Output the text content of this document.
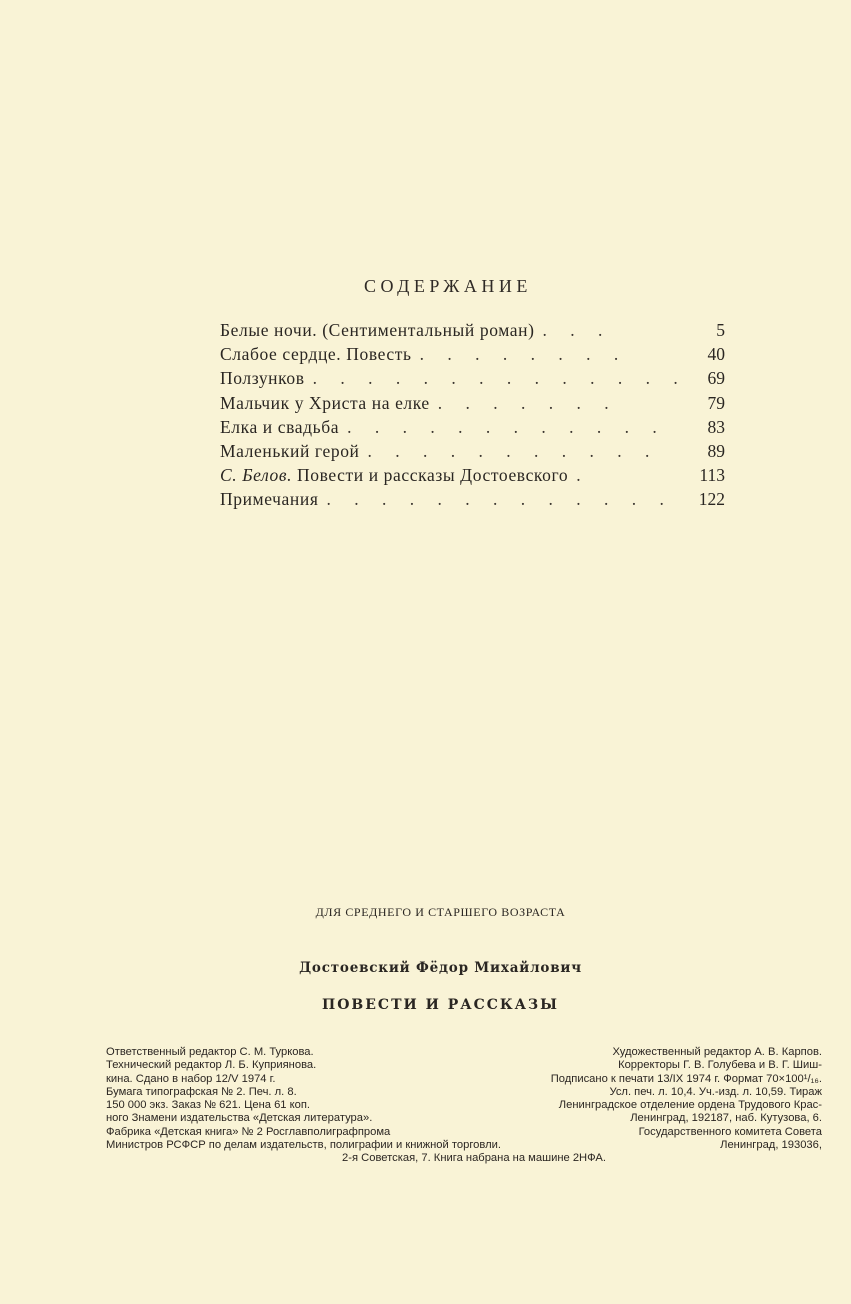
СОДЕРЖАНИЕ
Белые ночи. (Сентиментальный роман) . . .	5
Слабое сердце. Повесть . . . . . . . .	40
Ползунков . . . . . . . . . . . . . .	69
Мальчик у Христа на елке . . . . . . .	79
Елка и свадьба . . . . . . . . . . . .	83
Маленький герой . . . . . . . . . . .	89
С. Белов. Повести и рассказы Достоевского .	113
Примечания . . . . . . . . . . . . .	122
ДЛЯ СРЕДНЕГО И СТАРШЕГО ВОЗРАСТА
Достоевский Фёдор Михайлович
ПОВЕСТИ И РАССКАЗЫ
Ответственный редактор С. М. Туркова.	Художественный редактор А. В. Карпов.
Технический редактор Л. Б. Куприянова.	Корректоры Г. В. Голубева и В. Г. Шиш-
кина. Сдано в набор 12/V 1974 г.	Подписано к печати 13/IX 1974 г. Формат 70×100¹/₁₆.
Бумага типографская № 2. Печ. л. 8.	Усл. печ. л. 10,4. Уч.-изд. л. 10,59. Тираж
150 000 экз. Заказ № 621. Цена 61 коп.	Ленинградское отделение ордена Трудового Крас-
ного Знамени издательства «Детская литература».	Ленинград, 192187, наб. Кутузова, 6.
Фабрика «Детская книга» № 2 Росглавполиграфпрома	Государственного комитета Совета
Министров РСФСР по делам издательств, полиграфии и книжной торговли.	Ленинград, 193036,
2-я Советская, 7. Книга набрана на машине 2НФА.
